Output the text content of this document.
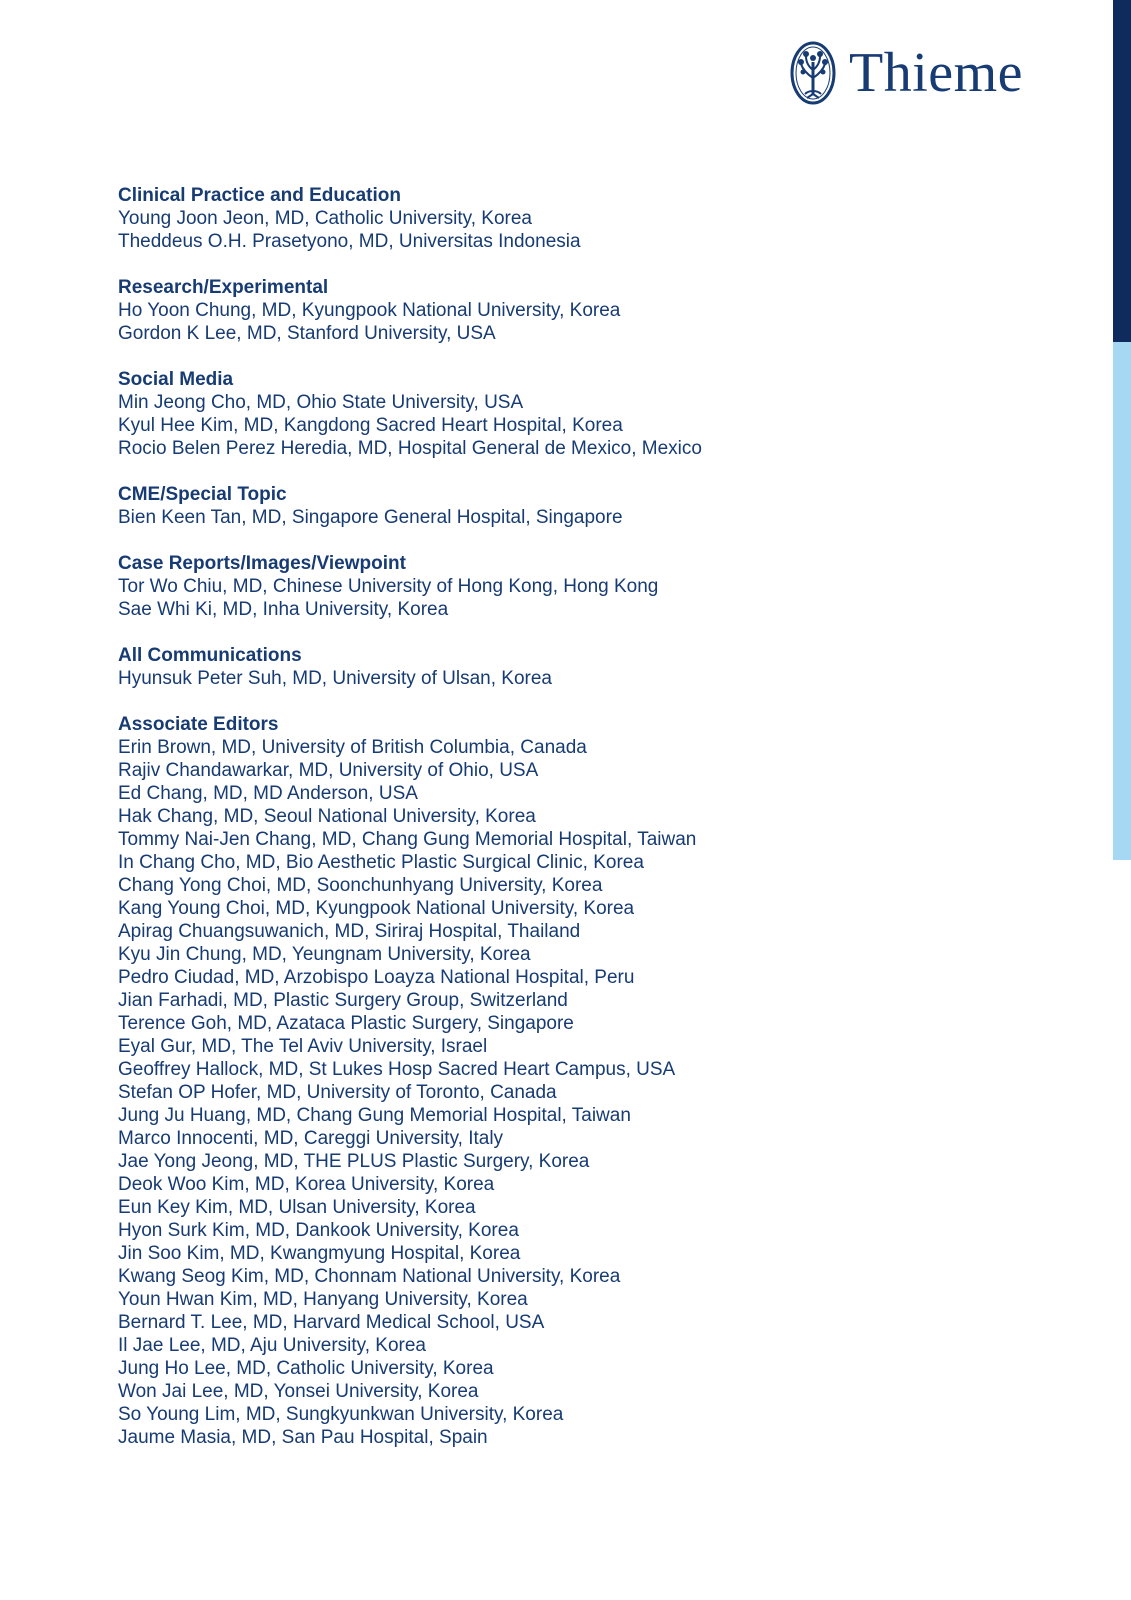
Thieme
Clinical Practice and Education
Young Joon Jeon, MD, Catholic University, Korea
Theddeus O.H. Prasetyono, MD, Universitas Indonesia
Research/Experimental
Ho Yoon Chung, MD, Kyungpook National University, Korea
Gordon K Lee, MD, Stanford University, USA
Social Media
Min Jeong Cho, MD, Ohio State University, USA
Kyul Hee Kim, MD, Kangdong Sacred Heart Hospital, Korea
Rocio Belen Perez Heredia, MD, Hospital General de Mexico, Mexico
CME/Special Topic
Bien Keen Tan, MD, Singapore General Hospital, Singapore
Case Reports/Images/Viewpoint
Tor Wo Chiu, MD, Chinese University of Hong Kong, Hong Kong
Sae Whi Ki, MD, Inha University, Korea
All Communications
Hyunsuk Peter Suh, MD, University of Ulsan, Korea
Associate Editors
Erin Brown, MD, University of British Columbia, Canada
Rajiv Chandawarkar, MD, University of Ohio, USA
Ed Chang, MD, MD Anderson, USA
Hak Chang, MD, Seoul National University, Korea
Tommy Nai-Jen Chang, MD, Chang Gung Memorial Hospital, Taiwan
In Chang Cho, MD, Bio Aesthetic Plastic Surgical Clinic, Korea
Chang Yong Choi, MD, Soonchunhyang University, Korea
Kang Young Choi, MD, Kyungpook National University, Korea
Apirag Chuangsuwanich, MD, Siriraj Hospital, Thailand
Kyu Jin Chung, MD, Yeungnam University, Korea
Pedro Ciudad, MD, Arzobispo Loayza National Hospital, Peru
Jian Farhadi, MD, Plastic Surgery Group, Switzerland
Terence Goh, MD, Azataca Plastic Surgery, Singapore
Eyal Gur, MD, The Tel Aviv University, Israel
Geoffrey Hallock, MD, St Lukes Hosp Sacred Heart Campus, USA
Stefan OP Hofer, MD, University of Toronto, Canada
Jung Ju Huang, MD, Chang Gung Memorial Hospital, Taiwan
Marco Innocenti, MD, Careggi University, Italy
Jae Yong Jeong, MD, THE PLUS Plastic Surgery, Korea
Deok Woo Kim, MD, Korea University, Korea
Eun Key Kim, MD, Ulsan University, Korea
Hyon Surk Kim, MD, Dankook University, Korea
Jin Soo Kim, MD, Kwangmyung Hospital, Korea
Kwang Seog Kim, MD, Chonnam National University, Korea
Youn Hwan Kim, MD, Hanyang University, Korea
Bernard T. Lee, MD, Harvard Medical School, USA
Il Jae Lee, MD, Aju University, Korea
Jung Ho Lee, MD, Catholic University, Korea
Won Jai Lee, MD, Yonsei University, Korea
So Young Lim, MD, Sungkyunkwan University, Korea
Jaume Masia, MD, San Pau Hospital, Spain
